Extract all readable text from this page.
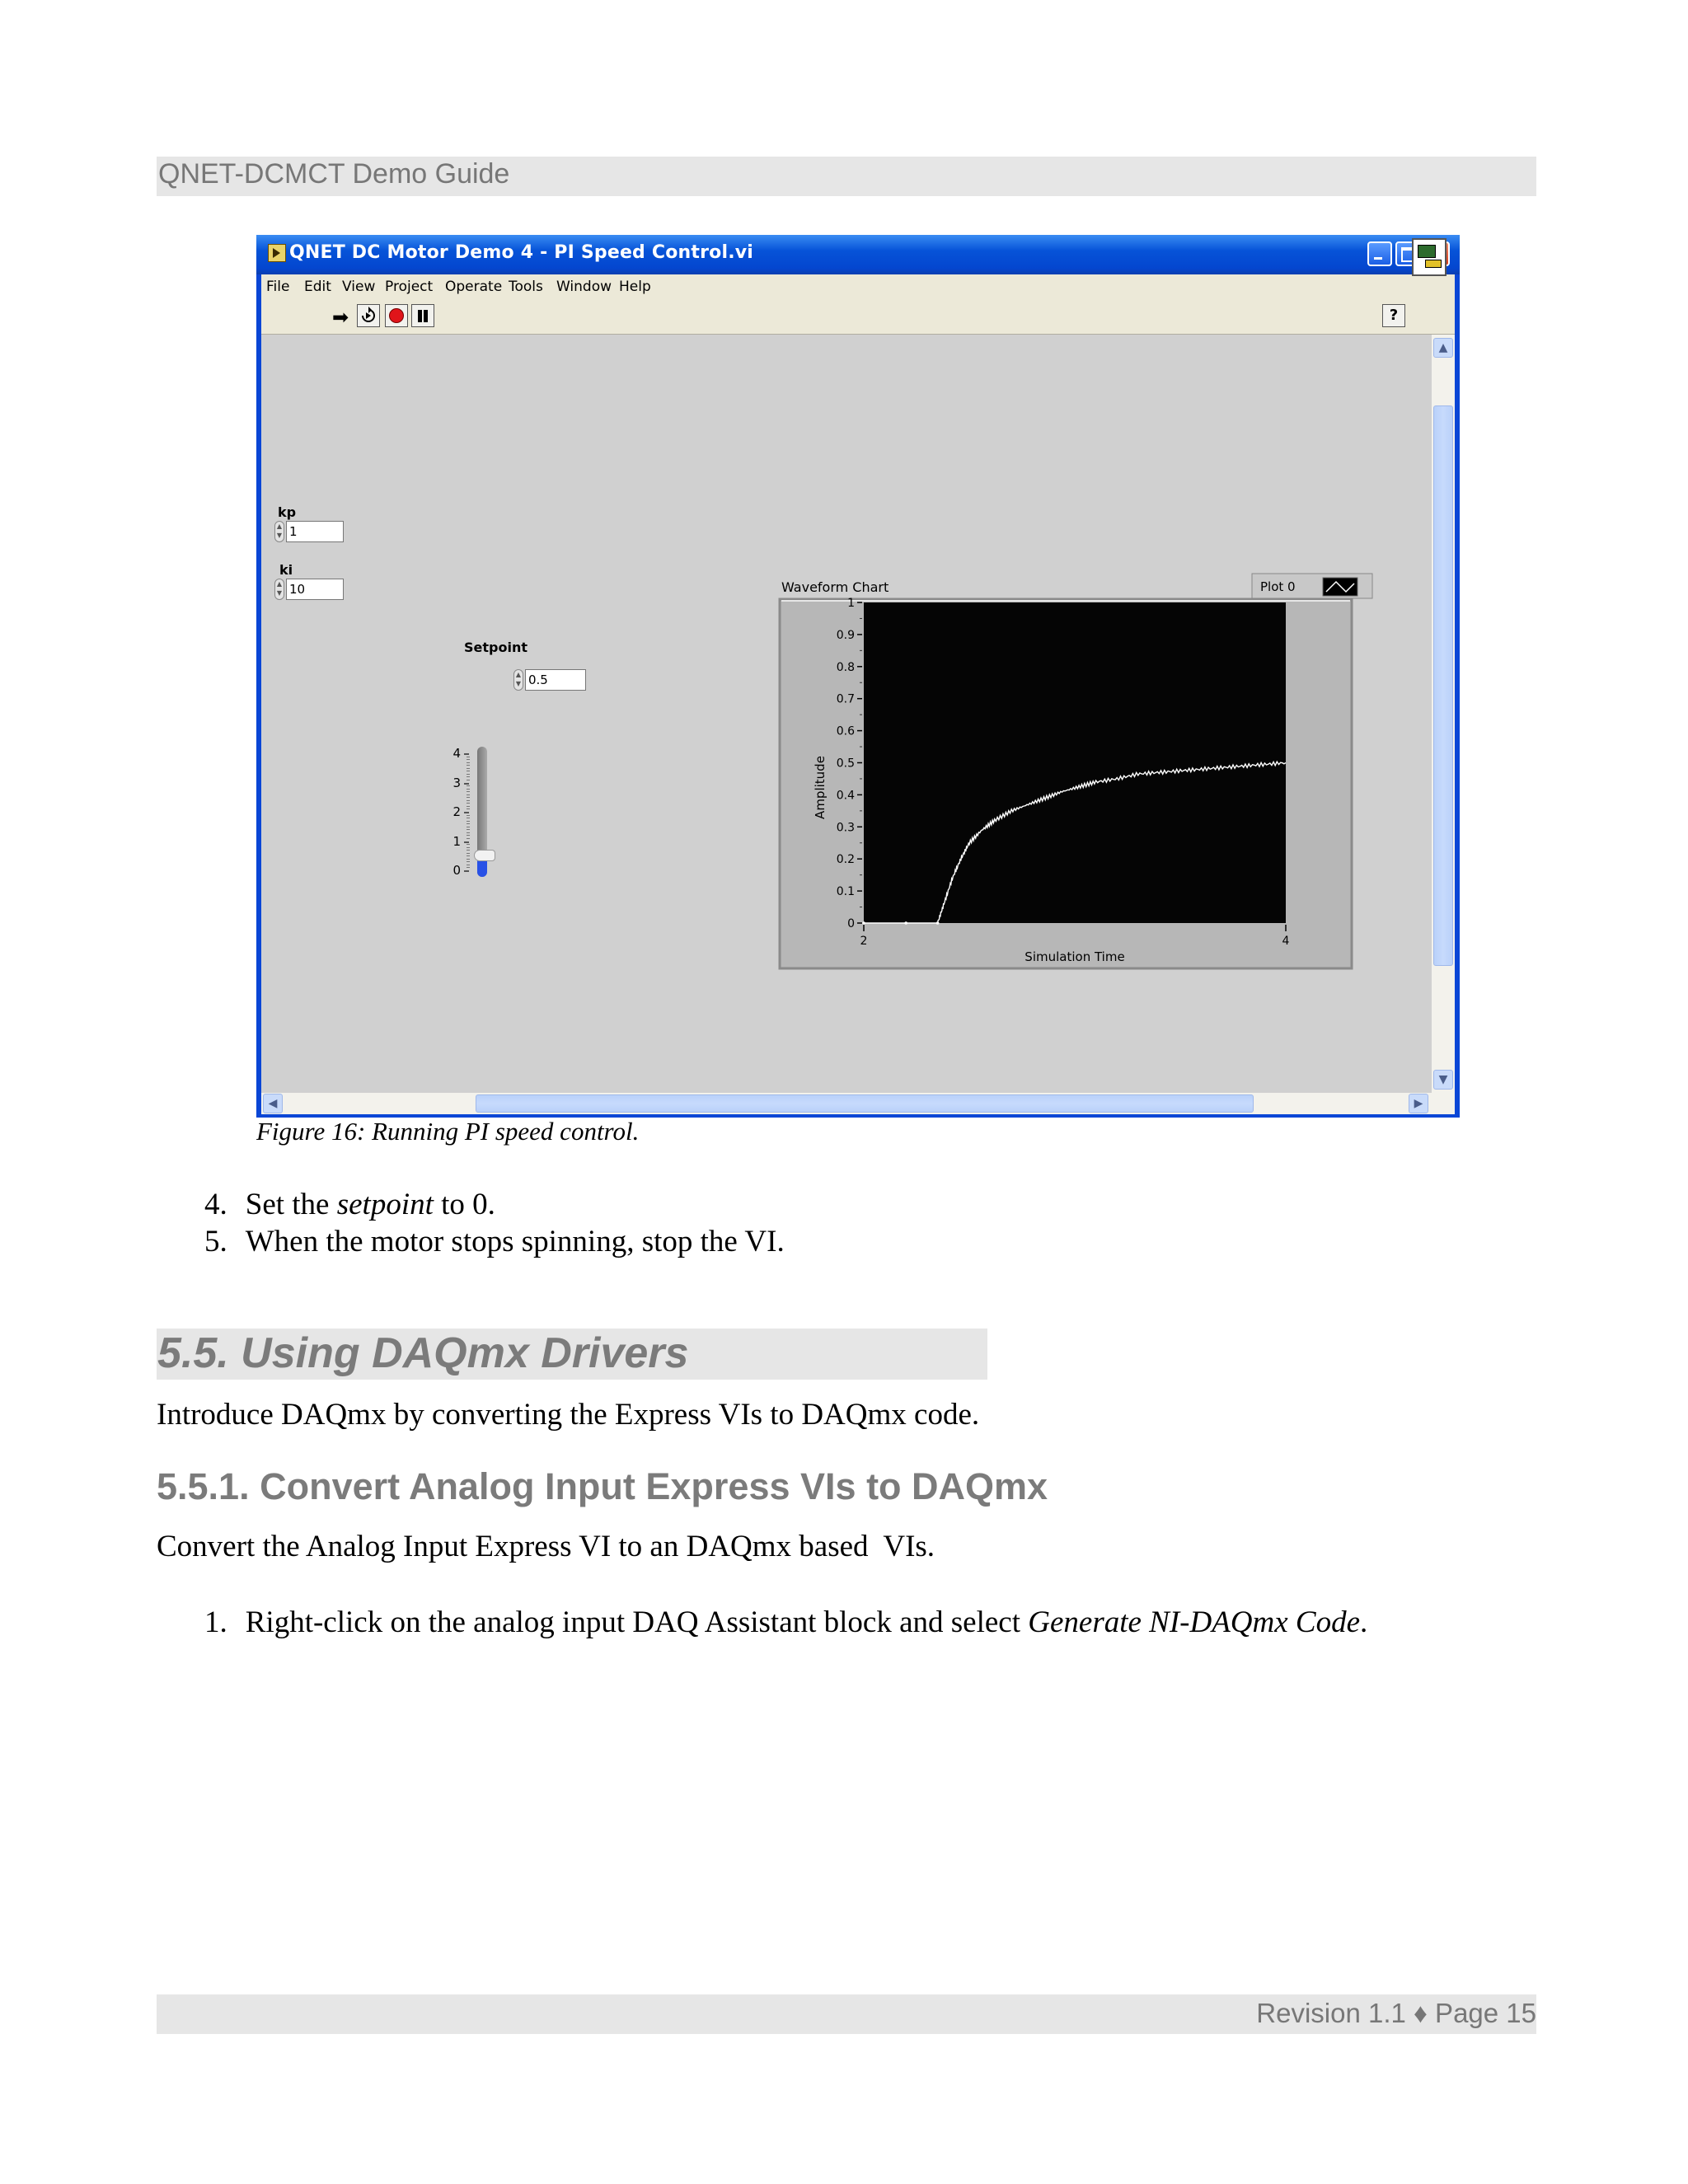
QNET-DCMCT Demo Guide
QNET DC Motor Demo 4 - PI Speed Control.vi
File Edit View Project Operate Tools Window Help
➡	?
kp
▲
▼ 1
ki
▲
▼ 10
Setpoint
▲
▼ 0.5
Waveform Chart	Plot 0
0
0.1
0.2
0.3
0.4
0.5
0.6
0.7
0.8
0.9
1
2	4
Simulation Time
Amplitude
4
3
2
1
0
▲
▼
◀	▶
Figure 16: Running PI speed control.
4. Set the setpoint to 0.
5. When the motor stops spinning, stop the VI.
5.5. Using DAQmx Drivers
Introduce DAQmx by converting the Express VIs to DAQmx code.
5.5.1. Convert Analog Input Express VIs to DAQmx
Convert the Analog Input Express VI to an DAQmx based  VIs.
1. Right-click on the analog input DAQ Assistant block and select Generate NI-DAQmx Code.
Revision 1.1 ♦ Page 15
